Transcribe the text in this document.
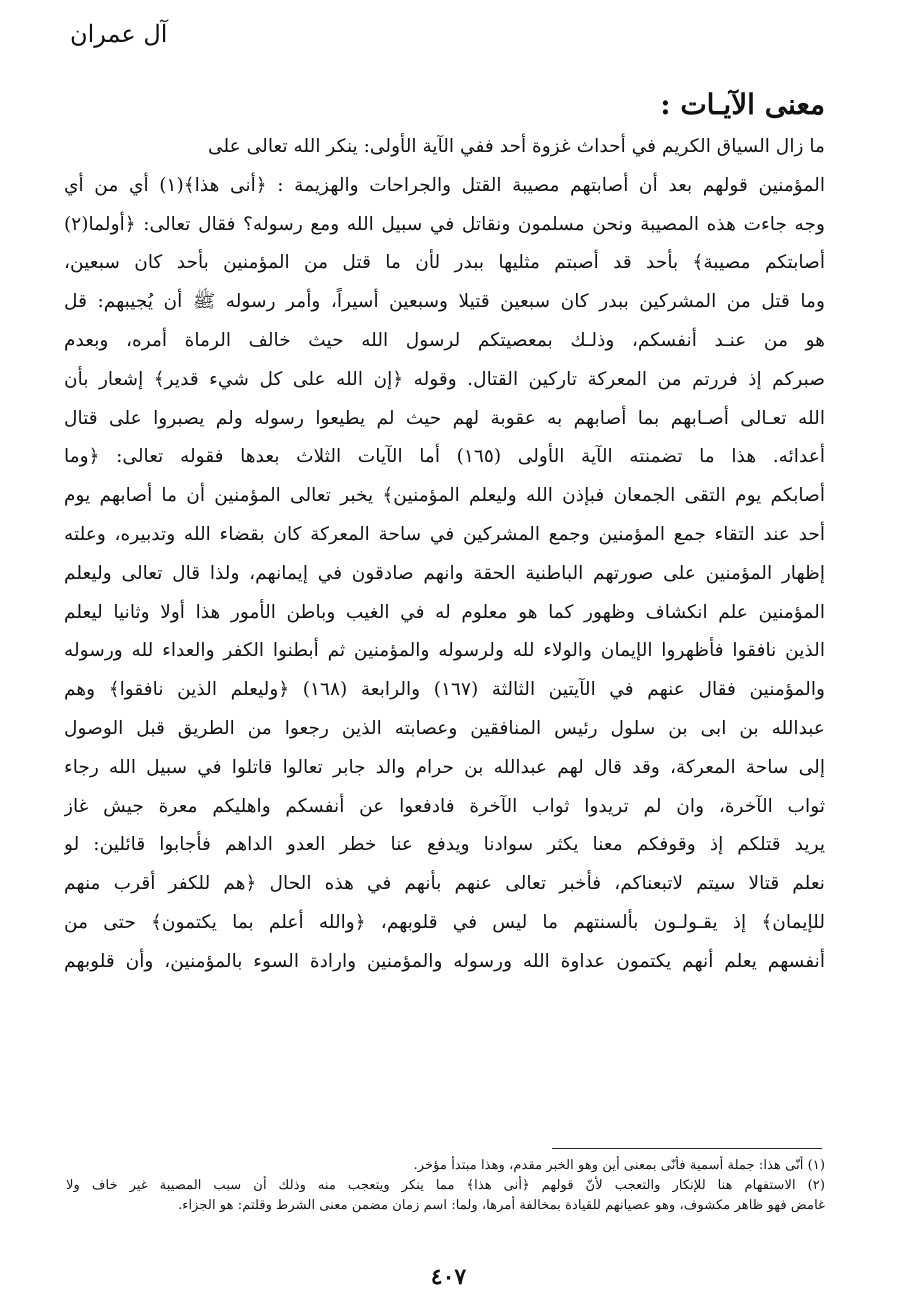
آل عمران
معنى الآيـات :
ما زال السياق الكريم في أحداث غزوة أحد ففي الآية الأولى: ينكر الله تعالى على
المؤمنين قولهم بعد أن أصابتهم مصيبة القتل والجراحات والهزيمة : ﴿أنى هذا﴾(١) أي من أي
وجه جاءت هذه المصيبة ونحن مسلمون ونقاتل في سبيل الله ومع رسوله؟ فقال تعالى: ﴿أولما(٢)
أصابتكم مصيبة﴾ بأحد قد أصبتم مثليها ببدر لأن ما قتل من المؤمنين بأحد كان سبعين،
وما قتل من المشركين ببدر كان سبعين قتيلا وسبعين أسيراً، وأمر رسوله ﷺ أن يُجيبهم: قل
هو من عنـد أنفسكم، وذلـك بمعصيتكم لرسول الله حيث خالف الرماة أمره، وبعدم
صبركم إذ فررتم من المعركة تاركين القتال. وقوله ﴿إن الله على كل شيء قدير﴾ إشعار بأن
الله تعـالى أصـابهم بما أصابهم به عقوبة لهم حيث لم يطيعوا رسوله ولم يصبروا على قتال
أعدائه. هذا ما تضمنته الآية الأولى (١٦٥) أما الآيات الثلاث بعدها فقوله تعالى: ﴿وما
أصابكم يوم التقى الجمعان فبإذن الله وليعلم المؤمنين﴾ يخبر تعالى المؤمنين أن ما أصابهم يوم
أحد عند التقاء جمع المؤمنين وجمع المشركين في ساحة المعركة كان بقضاء الله وتدبيره، وعلته
إظهار المؤمنين على صورتهم الباطنية الحقة وانهم صادقون في إيمانهم، ولذا قال تعالى وليعلم
المؤمنين علم انكشاف وظهور كما هو معلوم له في الغيب وباطن الأمور هذا أولا وثانيا ليعلم
الذين نافقوا فأظهروا الإيمان والولاء لله ولرسوله والمؤمنين ثم أبطنوا الكفر والعداء لله ورسوله
والمؤمنين فقال عنهم في الآيتين الثالثة (١٦٧) والرابعة (١٦٨) ﴿وليعلم الذين نافقوا﴾ وهم
عبدالله بن ابى بن سلول رئيس المنافقين وعصابته الذين رجعوا من الطريق قبل الوصول
إلى ساحة المعركة، وقد قال لهم عبدالله بن حرام والد جابر تعالوا قاتلوا في سبيل الله رجاء
ثواب الآخرة، وان لم تريدوا ثواب الآخرة فادفعوا عن أنفسكم واهليكم معرة جيش غاز
يريد قتلكم إذ وقوفكم معنا يكثر سوادنا ويدفع عنا خطر العدو الداهم فأجابوا قائلين: لو
نعلم قتالا سيتم لاتبعناكم، فأخبر تعالى عنهم بأنهم في هذه الحال ﴿هم للكفر أقرب منهم
للإيمان﴾ إذ يقـولـون بألسنتهم ما ليس في قلوبهم، ﴿والله أعلم بما يكتمون﴾ حتى من
أنفسهم يعلم أنهم يكتمون عداوة الله ورسوله والمؤمنين وارادة السوء بالمؤمنين، وأن قلوبهم
(١) أنّى هذا: جملة أسمية فأنّى بمعنى أين وهو الخبر مقدم، وهذا مبتدأ مؤخر.
(٢) الاستفهام هنا للإنكار والتعجب لأنّ قولهم ﴿أنى هذا﴾ مما ينكر ويتعجب منه وذلك أن سبب المصيبة غير خاف ولا
غامض فهو ظاهر مكشوف، وهو عصيانهم للقيادة بمخالفة أمرها، ولما: اسم زمان مضمن معنى الشرط وقلتم: هو الجزاء.
٤٠٧
